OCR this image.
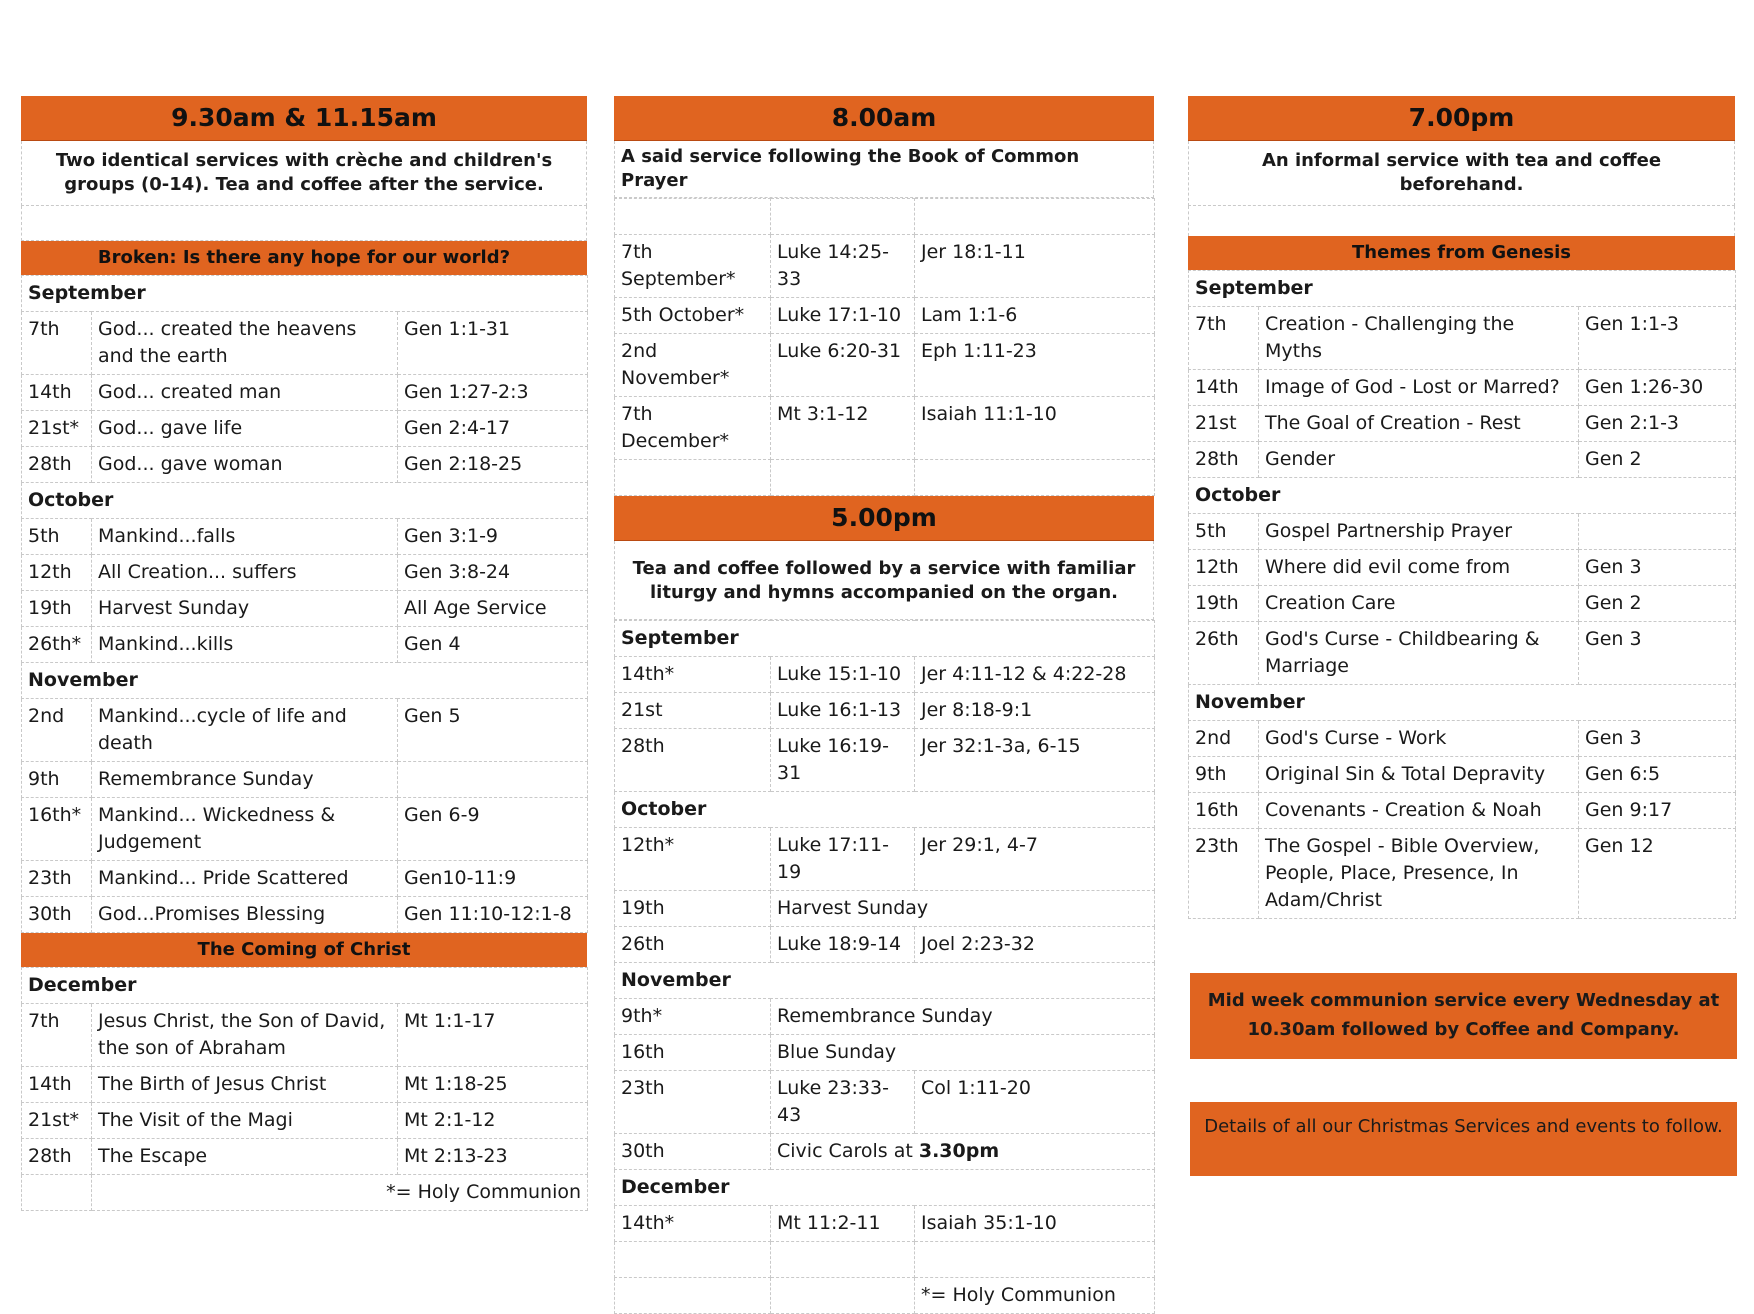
9.30am & 11.15am
Two identical services with crèche and children's groups (0-14). Tea and coffee after the service.
Broken: Is there any hope for our world?
September		
7th	God... created the heavens and the earth	Gen 1:1-31
14th	God... created man	Gen 1:27-2:3
21st*	God... gave life	Gen 2:4-17
28th	God... gave woman	Gen 2:18-25
October		
5th	Mankind...falls	Gen 3:1-9
12th	All Creation... suffers	Gen 3:8-24
19th	Harvest Sunday	All Age Service
26th*	Mankind...kills	Gen 4
November		
2nd	Mankind...cycle of life and death	Gen 5
9th	Remembrance Sunday	
16th*	Mankind... Wickedness & Judgement	Gen 6-9
23th	Mankind... Pride Scattered	Gen10-11:9
30th	God...Promises Blessing	Gen 11:10-12:1-8
The Coming of Christ
December		
7th	Jesus Christ, the Son of David, the son of Abraham	Mt 1:1-17
14th	The Birth of Jesus Christ	Mt 1:18-25
21st*	The Visit of the Magi	Mt 2:1-12
28th	The Escape	Mt 2:13-23
	*= Holy Communion	
8.00am
A said service following the Book of Common Prayer

7th September*	Luke 14:25-33	Jer 18:1-11
5th October*	Luke 17:1-10	Lam 1:1-6
2nd November*	Luke 6:20-31	Eph 1:11-23
7th December*	Mt 3:1-12	Isaiah 11:1-10

5.00pm
Tea and coffee followed by a service with familiar liturgy and hymns accompanied on the organ.
September		
14th*	Luke 15:1-10	Jer 4:11-12 & 4:22-28
21st	Luke 16:1-13	Jer 8:18-9:1
28th	Luke 16:19-31	Jer 32:1-3a, 6-15
October		
12th*	Luke 17:11-19	Jer 29:1, 4-7
19th	Harvest Sunday	
26th	Luke 18:9-14	Joel 2:23-32
November		
9th*	Remembrance Sunday	
16th	Blue Sunday	
23th	Luke 23:33-43	Col 1:11-20
30th	Civic Carols at 3.30pm	
December		
14th*	Mt 11:2-11	Isaiah 35:1-10

		*= Holy Communion
7.00pm
An informal service with tea and coffee beforehand.
Themes from Genesis
September		
7th	Creation - Challenging the Myths	Gen 1:1-3
14th	Image of God - Lost or Marred?	Gen 1:26-30
21st	The Goal of Creation - Rest	Gen 2:1-3
28th	Gender	Gen 2
October		
5th	Gospel Partnership Prayer	
12th	Where did evil come from	Gen 3
19th	Creation Care	Gen 2
26th	God's Curse - Childbearing & Marriage	Gen 3
November		
2nd	God's Curse - Work	Gen 3
9th	Original Sin & Total Depravity	Gen 6:5
16th	Covenants - Creation & Noah	Gen 9:17
23th	The Gospel - Bible Overview, People, Place, Presence, In Adam/Christ	Gen 12
Mid week communion service every Wednesday at 10.30am followed by Coffee and Company.
Details of all our Christmas Services and events to follow.
